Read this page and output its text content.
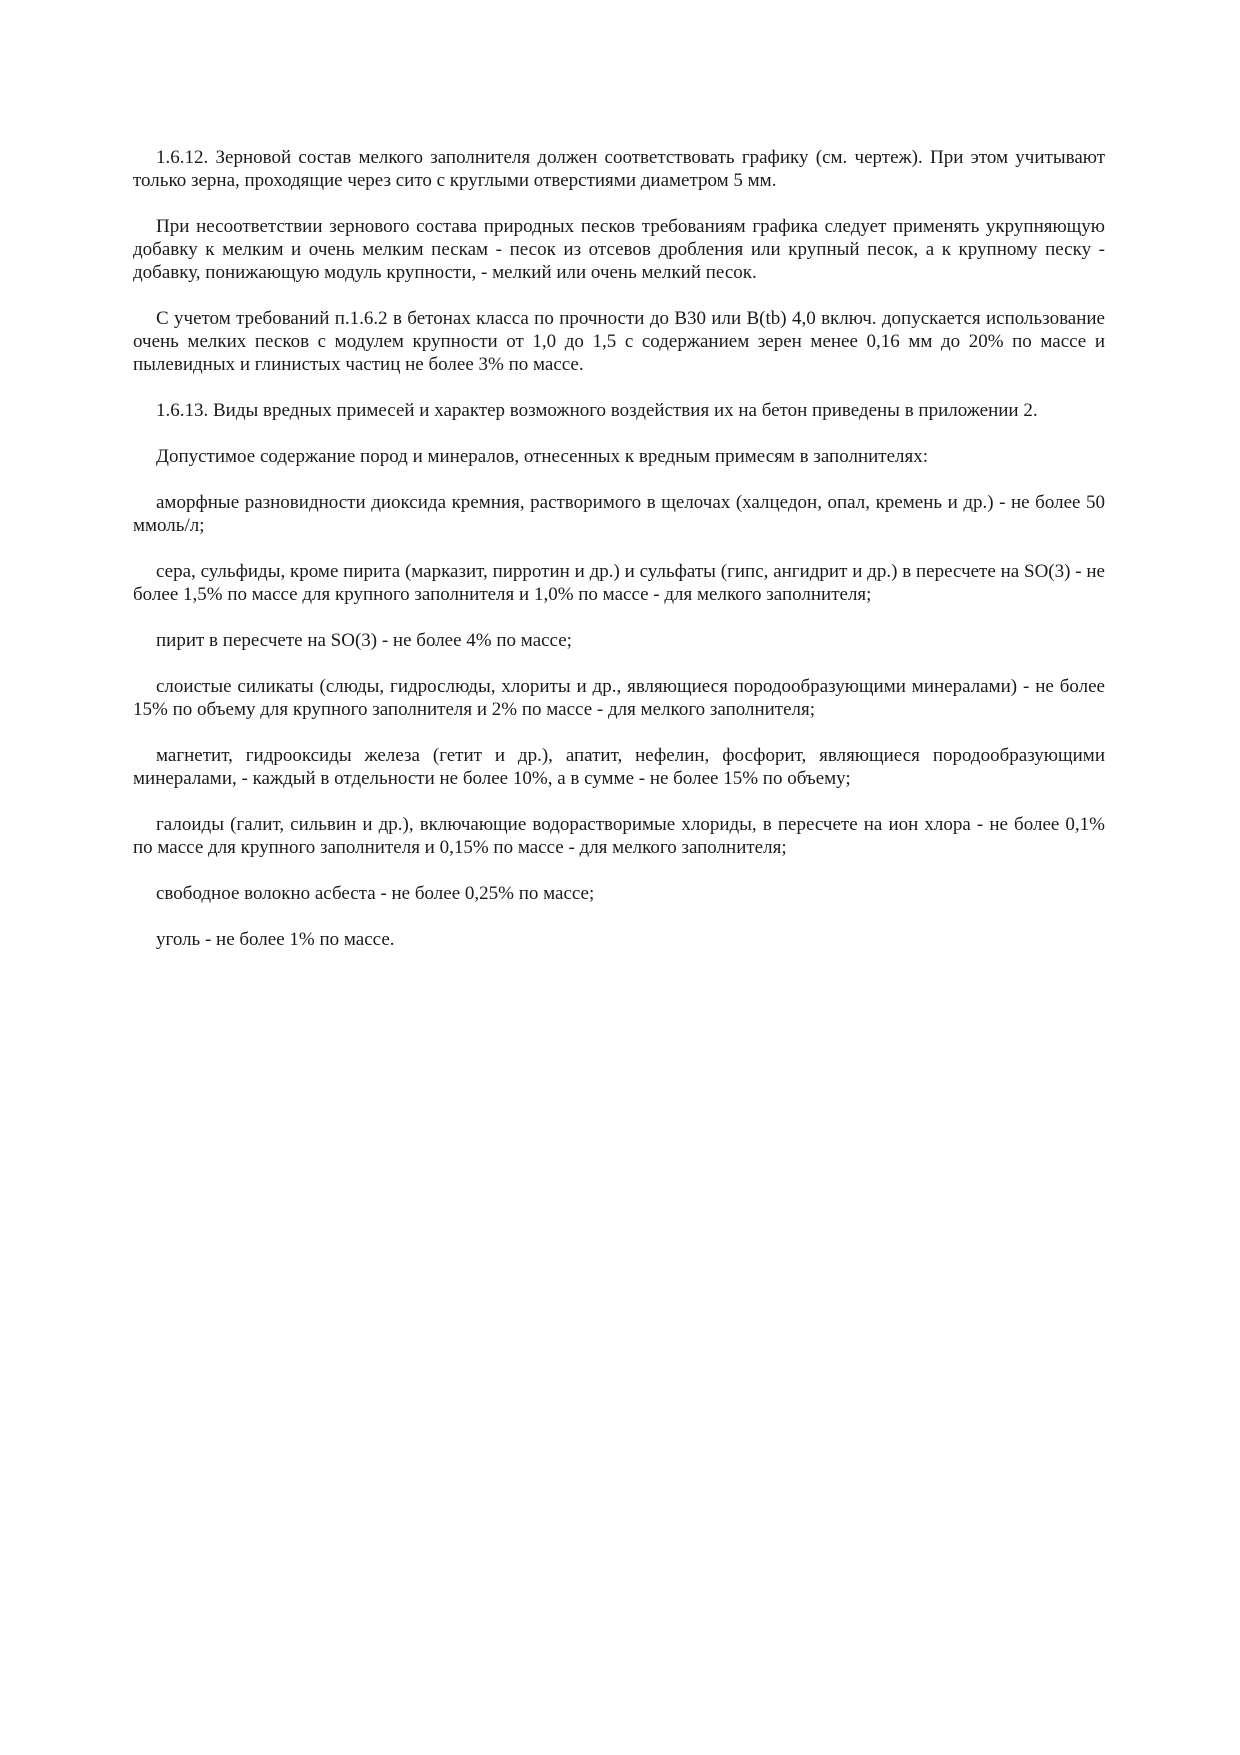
1.6.12. Зерновой состав мелкого заполнителя должен соответствовать графику (см. чертеж). При этом учитывают только зерна, проходящие через сито с круглыми отверстиями диаметром 5 мм.

При несоответствии зернового состава природных песков требованиям графика следует применять укрупняющую добавку к мелким и очень мелким пескам - песок из отсевов дробления или крупный песок, а к крупному песку - добавку, понижающую модуль крупности, - мелкий или очень мелкий песок.

С учетом требований п.1.6.2 в бетонах класса по прочности до В30 или B(tb) 4,0 включ. допускается использование очень мелких песков с модулем крупности от 1,0 до 1,5 с содержанием зерен менее 0,16 мм до 20% по массе и пылевидных и глинистых частиц не более 3% по массе.

1.6.13. Виды вредных примесей и характер возможного воздействия их на бетон приведены в приложении 2.

Допустимое содержание пород и минералов, отнесенных к вредным примесям в заполнителях:

аморфные разновидности диоксида кремния, растворимого в щелочах (халцедон, опал, кремень и др.) - не более 50 ммоль/л;

сера, сульфиды, кроме пирита (марказит, пирротин и др.) и сульфаты (гипс, ангидрит и др.) в пересчете на SO(3) - не более 1,5% по массе для крупного заполнителя и 1,0% по массе - для мелкого заполнителя;

пирит в пересчете на SO(3) - не более 4% по массе;

слоистые силикаты (слюды, гидрослюды, хлориты и др., являющиеся породообразующими минералами) - не более 15% по объему для крупного заполнителя и 2% по массе - для мелкого заполнителя;

магнетит, гидрооксиды железа (гетит и др.), апатит, нефелин, фосфорит, являющиеся породообразующими минералами, - каждый в отдельности не более 10%, а в сумме - не более 15% по объему;

галоиды (галит, сильвин и др.), включающие водорастворимые хлориды, в пересчете на ион хлора - не более 0,1% по массе для крупного заполнителя и 0,15% по массе - для мелкого заполнителя;

свободное волокно асбеста - не более 0,25% по массе;

уголь - не более 1% по массе.
